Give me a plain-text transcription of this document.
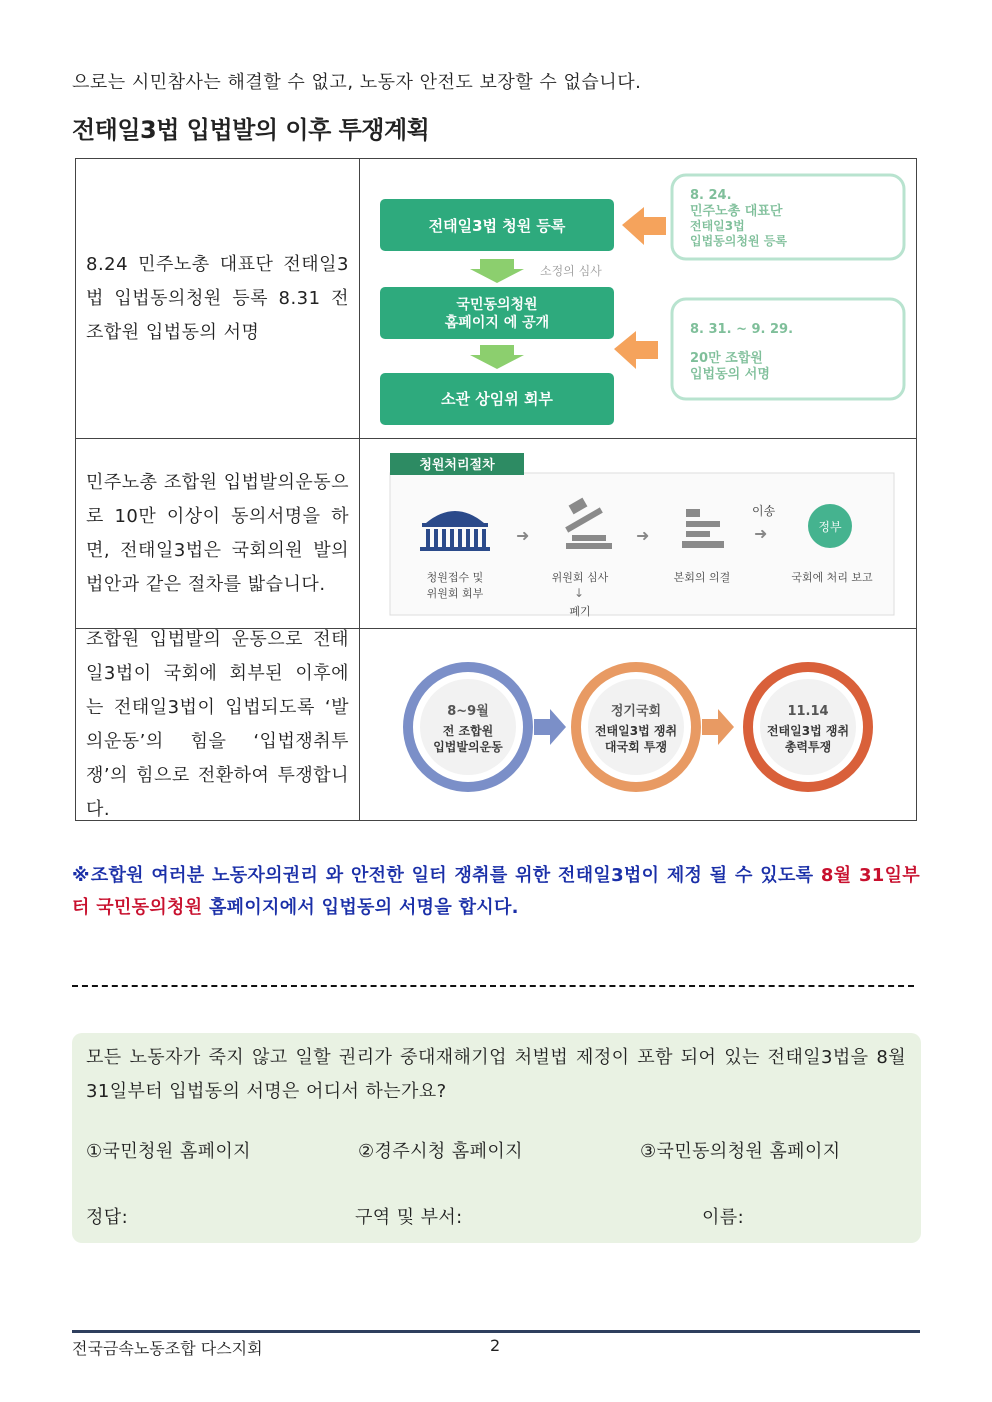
으로는 시민참사는 해결할 수 없고, 노동자 안전도 보장할 수 없습니다.
전태일3법 입법발의 이후 투쟁계획

8.24 민주노총 대표단 전태일3법 입법동의청원 등록 8.31 전 조합원 입법동의 서명

전태일3법 청원 등록
소정의 심사
국민동의청원
홈페이지 에 공개
소관 상임위 회부
8. 24.
민주노총 대표단
전태일3법
입법동의청원 등록
8. 31. ~ 9. 29.
20만 조합원
입법동의 서명

민주노총 조합원 입법발의운동으로 10만 이상이 동의서명을 하면, 전태일3법은 국회의원 발의 법안과 같은 절차를 밟습니다.

청원처리절차
➜	➜
이송
➜	정부
청원접수 및
위원회 회부
위원회 심사
↓
폐기
본회의 의결	국회에 처리 보고

조합원 입법발의 운동으로 전태일3법이 국회에 회부된 이후에는 전태일3법이 입법되도록 ‘발의운동’의 힘을 ‘입법쟁취투쟁’의 힘으로 전환하여 투쟁합니다.

8~9월
전 조합원
입법발의운동
정기국회
전태일3법 쟁취
대국회 투쟁
11.14
전태일3법 쟁취
총력투쟁
※조합원 여러분 노동자의권리 와 안전한 일터 쟁취를 위한 전태일3법이 제정 될 수 있도록 8월 31일부터 국민동의청원 홈페이지에서 입법동의 서명을 합시다.
모든 노동자가 죽지 않고 일할 권리가 중대재해기업 처벌법 제정이 포함 되어 있는 전태일3법을 8월 31일부터 입법동의 서명은 어디서 하는가요?
①국민청원 홈페이지	②경주시청 홈페이지	③국민동의청원 홈페이지
정답:	구역 및 부서:	이름:
전국금속노동조합 다스지회	2
